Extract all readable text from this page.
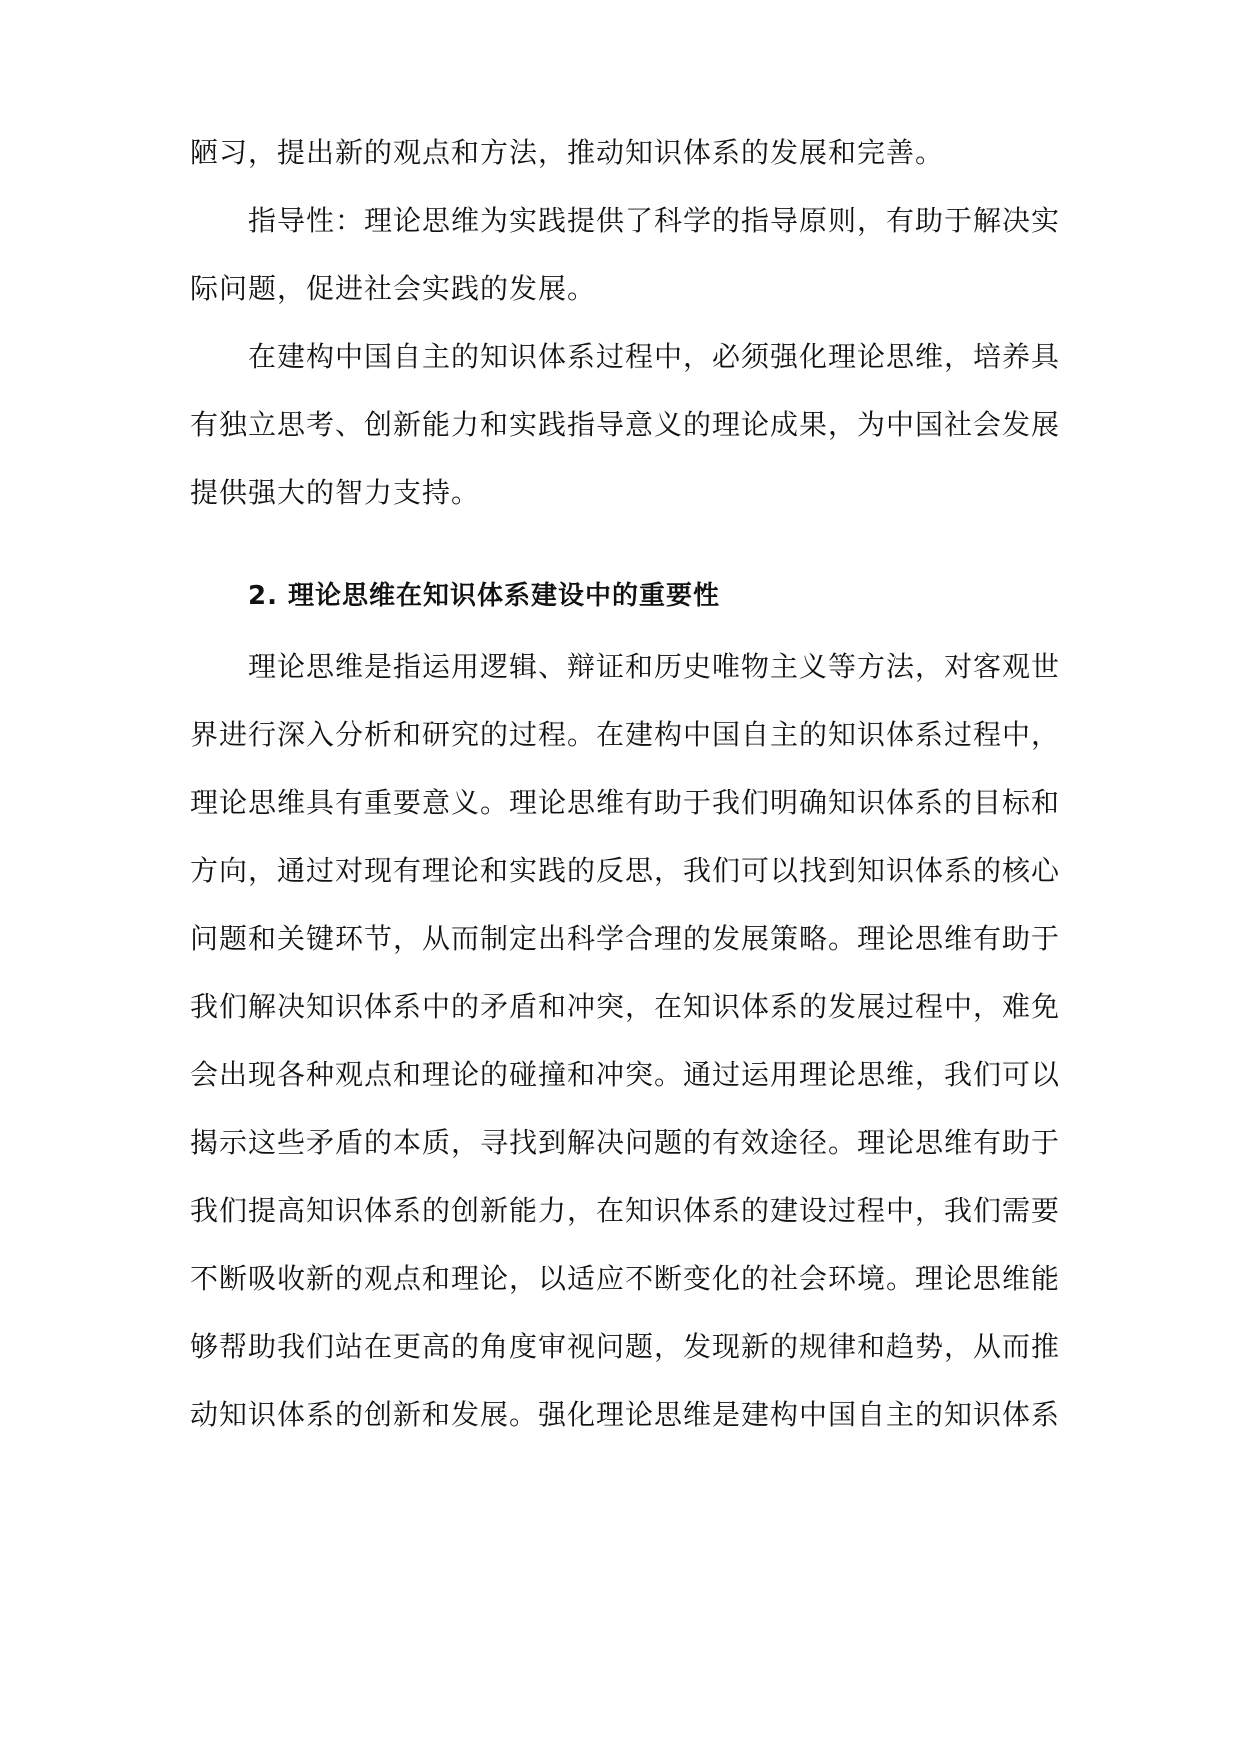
陋习，提出新的观点和方法，推动知识体系的发展和完善。
指导性：理论思维为实践提供了科学的指导原则，有助于解决实
际问题，促进社会实践的发展。
在建构中国自主的知识体系过程中，必须强化理论思维，培养具
有独立思考、创新能力和实践指导意义的理论成果，为中国社会发展
提供强大的智力支持。
2. 理论思维在知识体系建设中的重要性
理论思维是指运用逻辑、辩证和历史唯物主义等方法，对客观世
界进行深入分析和研究的过程。在建构中国自主的知识体系过程中，
理论思维具有重要意义。理论思维有助于我们明确知识体系的目标和
方向，通过对现有理论和实践的反思，我们可以找到知识体系的核心
问题和关键环节，从而制定出科学合理的发展策略。理论思维有助于
我们解决知识体系中的矛盾和冲突，在知识体系的发展过程中，难免
会出现各种观点和理论的碰撞和冲突。通过运用理论思维，我们可以
揭示这些矛盾的本质，寻找到解决问题的有效途径。理论思维有助于
我们提高知识体系的创新能力，在知识体系的建设过程中，我们需要
不断吸收新的观点和理论，以适应不断变化的社会环境。理论思维能
够帮助我们站在更高的角度审视问题，发现新的规律和趋势，从而推
动知识体系的创新和发展。强化理论思维是建构中国自主的知识体系
